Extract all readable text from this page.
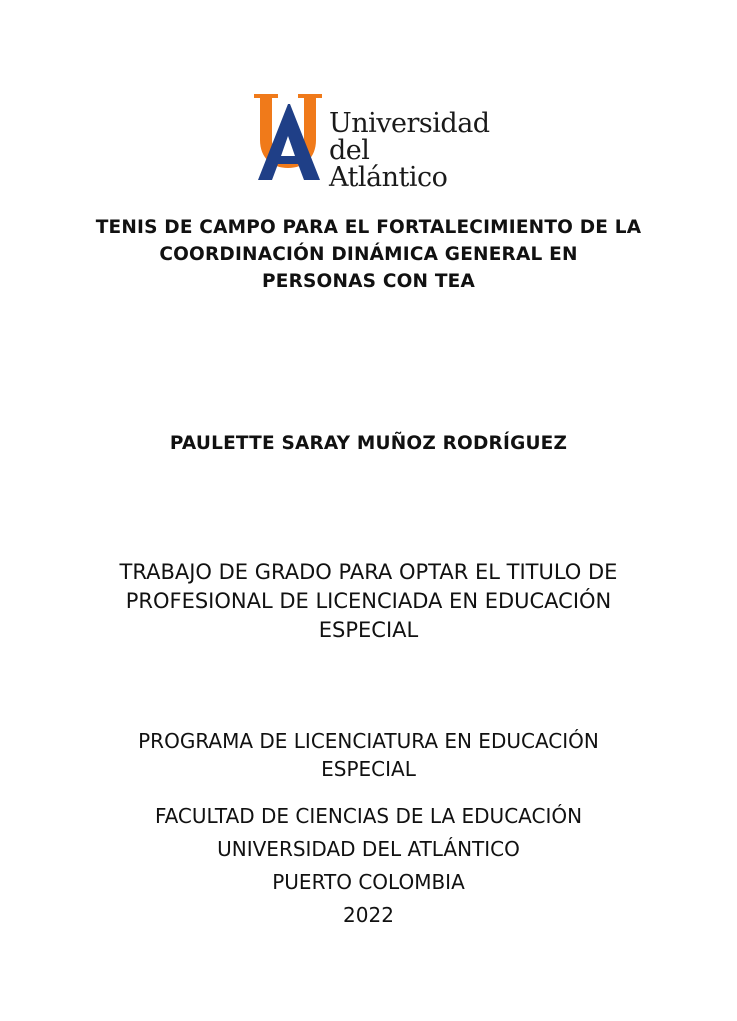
Universidad
del Atlántico
TENIS DE CAMPO PARA EL FORTALECIMIENTO DE LA
COORDINACIÓN DINÁMICA GENERAL EN
PERSONAS CON TEA
PAULETTE SARAY MUÑOZ RODRÍGUEZ
TRABAJO DE GRADO PARA OPTAR EL TITULO DE
PROFESIONAL DE LICENCIADA EN EDUCACIÓN
ESPECIAL
PROGRAMA DE LICENCIATURA EN EDUCACIÓN
ESPECIAL
FACULTAD DE CIENCIAS DE LA EDUCACIÓN
UNIVERSIDAD DEL ATLÁNTICO
PUERTO COLOMBIA
2022
